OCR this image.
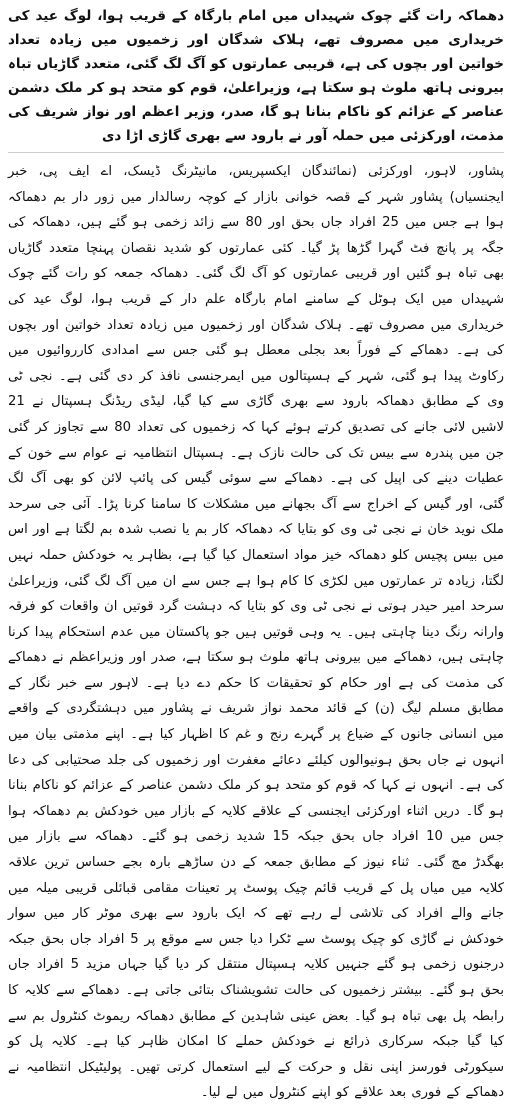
دھماکہ رات گئے چوک شہیداں میں امام بارگاہ کے قریب ہوا، لوگ عید کی خریداری میں مصروف تھے، ہلاک شدگان اور زخمیوں میں زیادہ تعداد خواتین اور بچوں کی ہے، قریبی عمارتوں کو آگ لگ گئی، متعدد گاڑیاں تباہ بیرونی ہاتھ ملوث ہو سکتا ہے، وزیراعلیٰ، قوم کو متحد ہو کر ملک دشمن عناصر کے عزائم کو ناکام بنانا ہو گا، صدر، وزیر اعظم اور نواز شریف کی مذمت، اورکزئی میں حملہ آور نے بارود سے بھری گاڑی اڑا دی

پشاور، لاہور، اورکزئی (نمائندگان ایکسپریس، مانیٹرنگ ڈیسک، اے ایف پی، خبر ایجنسیاں) پشاور شہر کے قصہ خوانی بازار کے کوچہ رسالدار میں زور دار بم دھماکہ ہوا ہے جس میں 25 افراد جاں بحق اور 80 سے زائد زخمی ہو گئے ہیں، دھماکہ کی جگہ پر پانچ فٹ گہرا گڑھا پڑ گیا۔ کئی عمارتوں کو شدید نقصان پہنچا متعدد گاڑیاں بھی تباہ ہو گئیں اور قریبی عمارتوں کو آگ لگ گئی۔ دھماکہ جمعہ کو رات گئے چوک شہیداں میں ایک ہوٹل کے سامنے امام بارگاہ علم دار کے قریب ہوا، لوگ عید کی خریداری میں مصروف تھے۔ ہلاک شدگان اور زخمیوں میں زیادہ تعداد خواتین اور بچوں کی ہے۔ دھماکے کے فوراً بعد بجلی معطل ہو گئی جس سے امدادی کارروائیوں میں رکاوٹ پیدا ہو گئی، شہر کے ہسپتالوں میں ایمرجنسی نافذ کر دی گئی ہے۔ نجی ٹی وی کے مطابق دھماکہ بارود سے بھری گاڑی سے کیا گیا، لیڈی ریڈنگ ہسپتال نے 21 لاشیں لائی جانے کی تصدیق کرتے ہوئے کہا کہ زخمیوں کی تعداد 80 سے تجاوز کر گئی جن میں پندرہ سے بیس تک کی حالت نازک ہے۔ ہسپتال انتظامیہ نے عوام سے خون کے عطیات دینے کی اپیل کی ہے۔ دھماکے سے سوئی گیس کی پائپ لائن کو بھی آگ لگ گئی، اور گیس کے اخراج سے آگ بجھانے میں مشکلات کا سامنا کرنا پڑا۔ آئی جی سرحد ملک نوید خان نے نجی ٹی وی کو بتایا کہ دھماکہ کار بم یا نصب شدہ بم لگتا ہے اور اس میں بیس پچیس کلو دھماکہ خیز مواد استعمال کیا گیا ہے، بظاہر یہ خودکش حملہ نہیں لگتا، زیادہ تر عمارتوں میں لکڑی کا کام ہوا ہے جس سے ان میں آگ لگ گئی، وزیراعلیٰ سرحد امیر حیدر ہوتی نے نجی ٹی وی کو بتایا کہ دہشت گرد قوتیں ان واقعات کو فرقہ وارانہ رنگ دینا چاہتی ہیں۔ یہ وہی قوتیں ہیں جو پاکستان میں عدم استحکام پیدا کرنا چاہتی ہیں، دھماکے میں بیرونی ہاتھ ملوث ہو سکتا ہے، صدر اور وزیراعظم نے دھماکے کی مذمت کی ہے اور حکام کو تحقیقات کا حکم دے دیا ہے۔ لاہور سے خبر نگار کے مطابق مسلم لیگ (ن) کے قائد محمد نواز شریف نے پشاور میں دہشتگردی کے واقعے میں انسانی جانوں کے ضیاع پر گہرے رنج و غم کا اظہار کیا ہے۔ اپنے مذمتی بیان میں انہوں نے جاں بحق ہونیوالوں کیلئے دعائے مغفرت اور زخمیوں کی جلد صحتیابی کی دعا کی ہے۔ انہوں نے کہا کہ قوم کو متحد ہو کر ملک دشمن عناصر کے عزائم کو ناکام بنانا ہو گا۔ دریں اثناء اورکزئی ایجنسی کے علاقے کلایہ کے بازار میں خودکش بم دھماکہ ہوا جس میں 10 افراد جاں بحق جبکہ 15 شدید زخمی ہو گئے۔ دھماکہ سے بازار میں بھگدڑ مچ گئی۔ ثناء نیوز کے مطابق جمعہ کے دن ساڑھے بارہ بجے حساس ترین علاقہ کلایہ میں میاں پل کے قریب قائم چیک پوسٹ پر تعینات مقامی قبائلی قریبی میلہ میں جانے والے افراد کی تلاشی لے رہے تھے کہ ایک بارود سے بھری موٹر کار میں سوار خودکش نے گاڑی کو چیک پوسٹ سے ٹکرا دیا جس سے موقع پر 5 افراد جاں بحق جبکہ درجنوں زخمی ہو گئے جنہیں کلایہ ہسپتال منتقل کر دیا گیا جہاں مزید 5 افراد جاں بحق ہو گئے۔ بیشتر زخمیوں کی حالت تشویشناک بتائی جاتی ہے۔ دھماکے سے کلایہ کا رابطہ پل بھی تباہ ہو گیا۔ بعض عینی شاہدین کے مطابق دھماکہ ریموٹ کنٹرول بم سے کیا گیا جبکہ سرکاری ذرائع نے خودکش حملے کا امکان ظاہر کیا ہے۔ کلایہ پل کو سیکورٹی فورسز اپنی نقل و حرکت کے لیے استعمال کرتی تھیں۔ پولیٹیکل انتظامیہ نے دھماکے کے فوری بعد علاقے کو اپنے کنٹرول میں لے لیا۔
